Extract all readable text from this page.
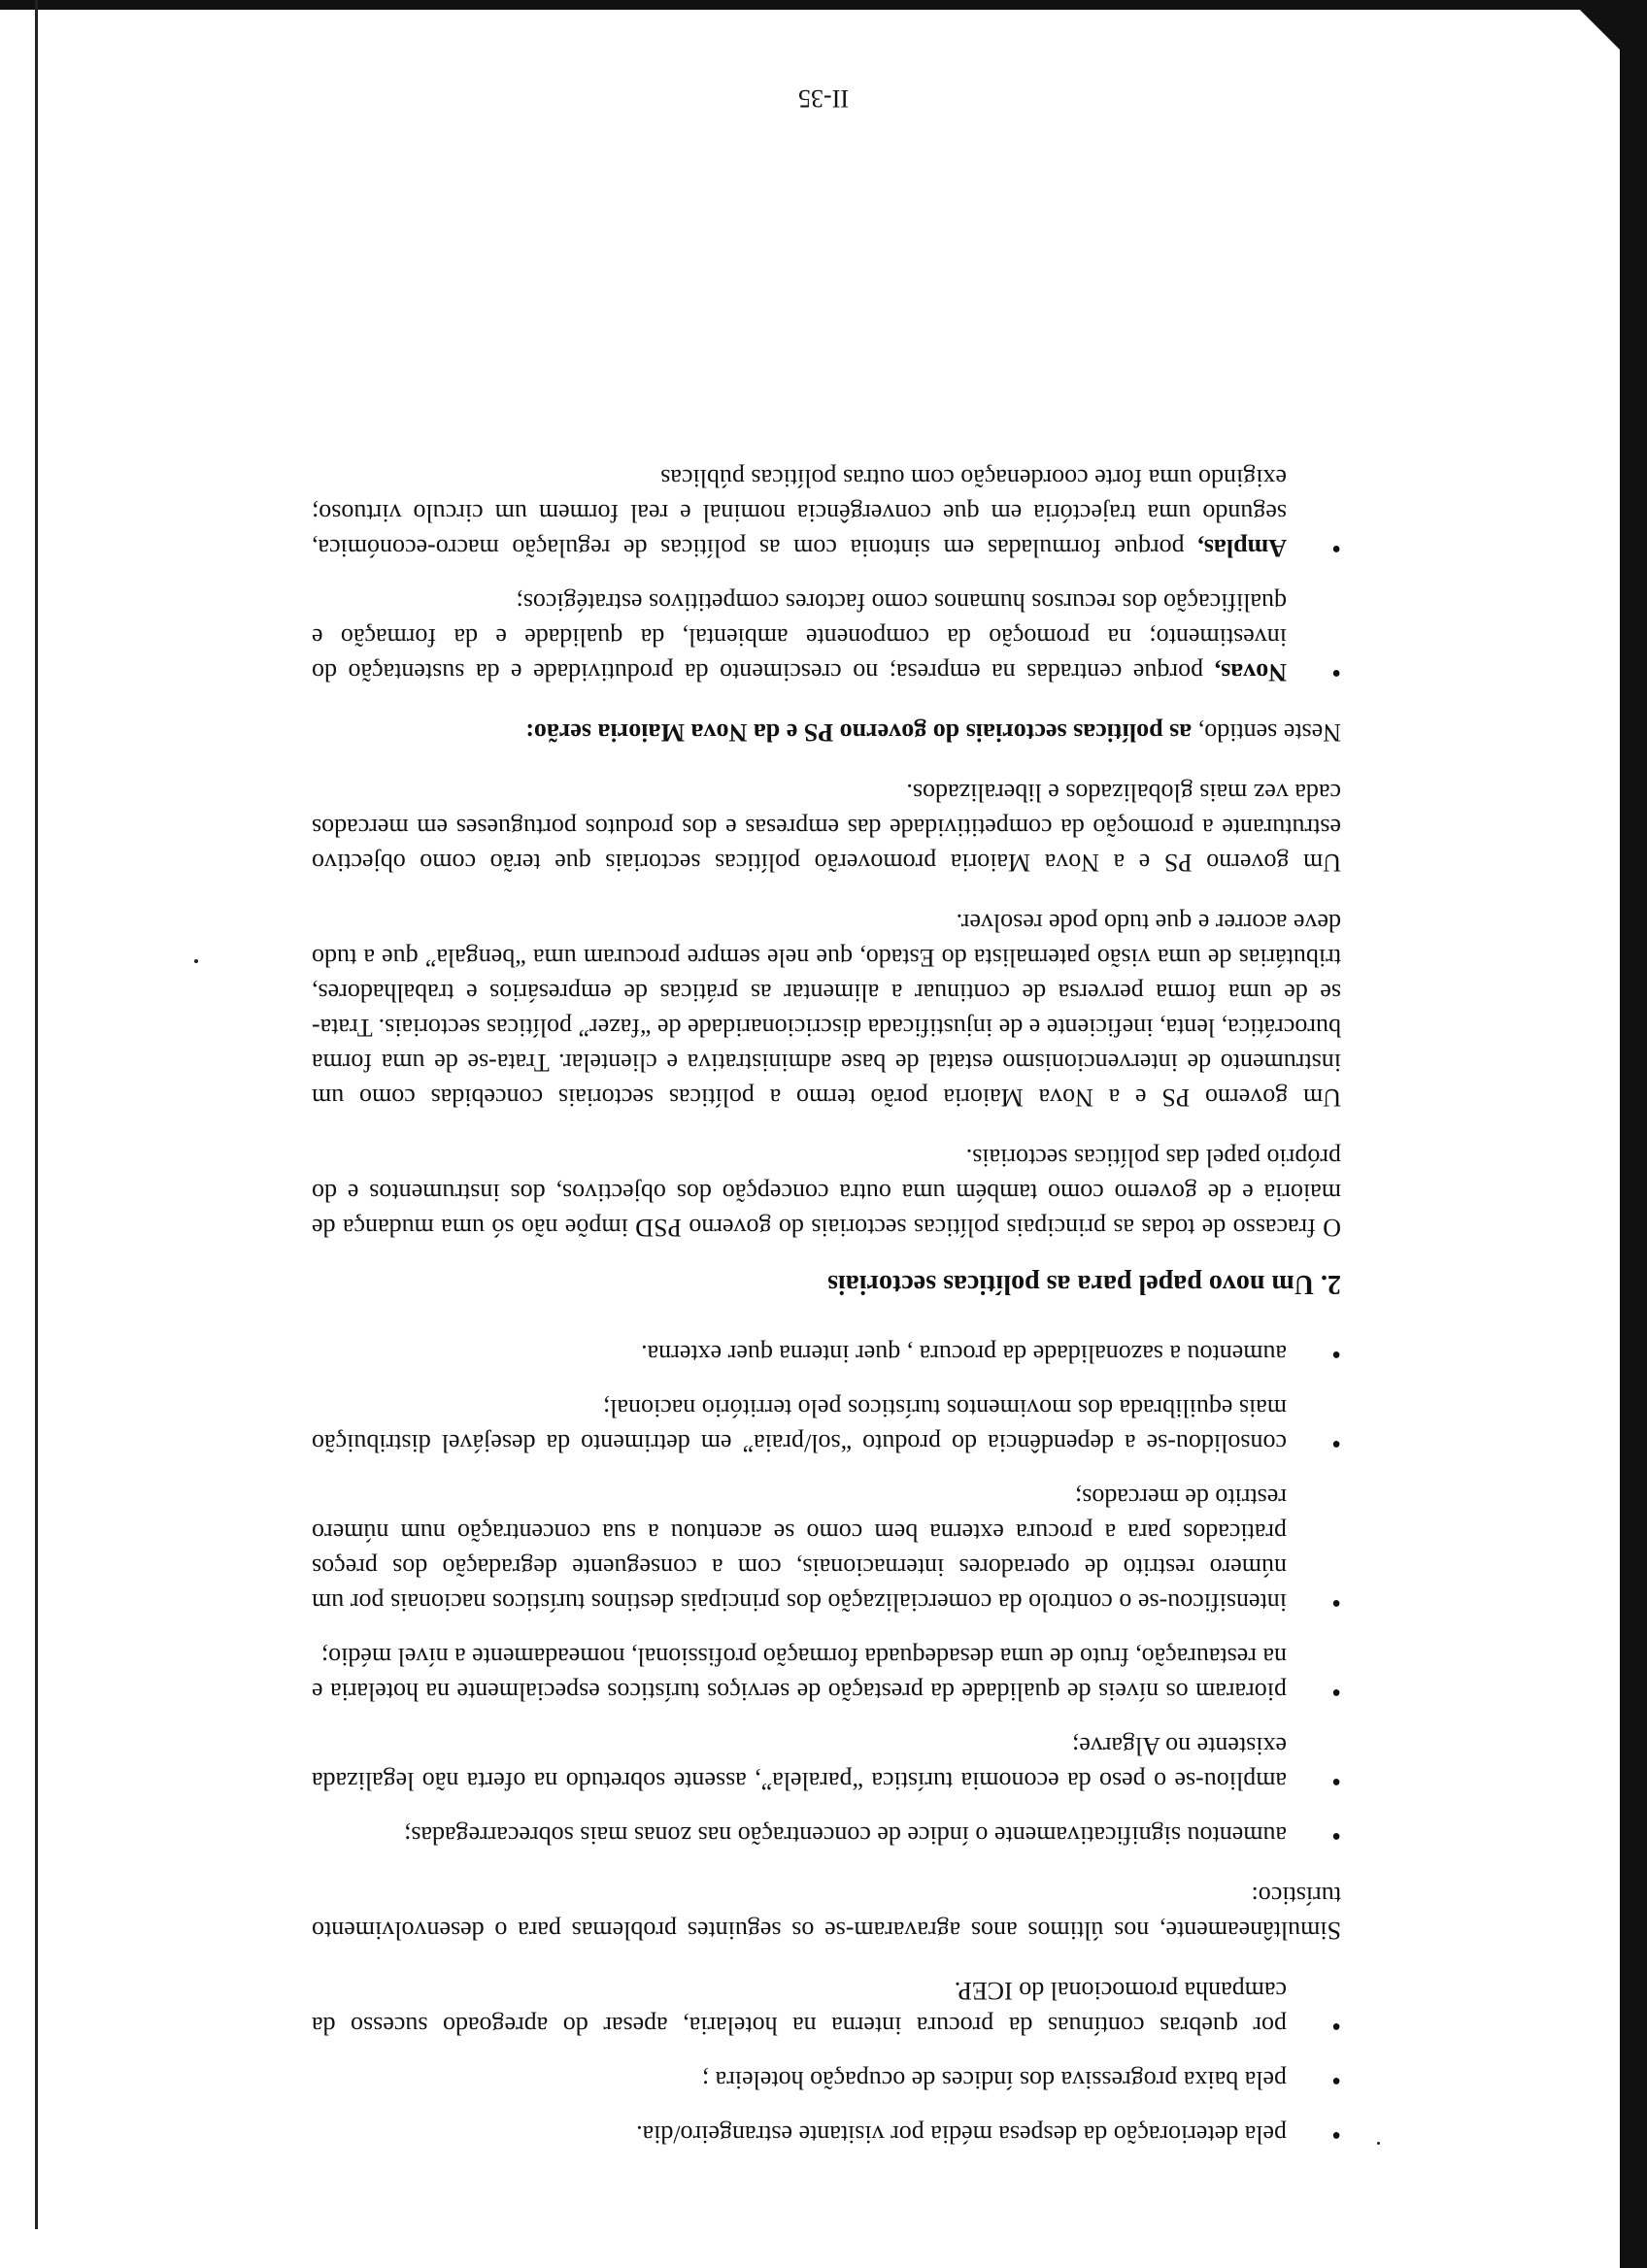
• pela deterioração da despesa média por visitante estrangeiro/dia.
• pela baixa progressiva dos índices de ocupação hoteleira ;
• por quebras contínuas da procura interna na hotelaria, apesar do apregoado sucesso da campanha promocional do ICEP.

Simultâneamente, nos últimos anos agravaram-se os seguintes problemas para o desenvolvimento turístico:

• aumentou significativamente o índice de concentração nas zonas mais sobrecarregadas;
• ampliou-se o peso da economia turística “paralela”, assente sobretudo na oferta não legalizada existente no Algarve;
• pioraram os níveis de qualidade da prestação de serviços turísticos especialmente na hotelaria e na restauração, fruto de uma desadequada formação profissional, nomeadamente a nível médio;
• intensificou-se o controlo da comercialização dos principais destinos turísticos nacionais por um número restrito de operadores internacionais, com a conseguente degradação dos preços praticados para a procura externa bem como se acentuou a sua concentração num número restrito de mercados;
• consolidou-se a dependência do produto “sol/praia” em detrimento da desejável distribuição mais equilibrada dos movimentos turísticos pelo território nacional;
• aumentou a sazonalidade da procura , quer interna quer externa.
2. Um novo papel para as políticas sectoriais

O fracasso de todas as principais políticas sectoriais do governo PSD impõe não só uma mudança de maioria e de governo como também uma outra concepção dos objectivos, dos instrumentos e do próprio papel das políticas sectoriais.

Um governo PS e a Nova Maioria porão termo a políticas sectoriais concebidas como um instrumento de intervencionismo estatal de base administrativa e clientelar. Trata-se de uma forma burocrática, lenta, ineficiente e de injustificada discricionaridade de “fazer” políticas sectoriais. Trata-se de uma forma perversa de continuar a alimentar as práticas de empresários e trabalhadores, tributárias de uma visão paternalista do Estado, que nele sempre procuram uma “bengala” que a tudo deve acorrer e que tudo pode resolver.

Um governo PS e a Nova Maioria promoverão políticas sectoriais que terão como objectivo estruturante a promoção da competitividade das empresas e dos produtos portugueses em mercados cada vez mais globalizados e liberalizados.

Neste sentido, as políticas sectoriais do governo PS e da Nova Maioria serão:

• Novas, porque centradas na empresa; no crescimento da produtividade e da sustentação do investimento; na promoção da componente ambiental, da qualidade e da formação e qualificação dos recursos humanos como factores competitivos estratégicos;
• Amplas, porque formuladas em sintonia com as políticas de regulação macro-económica, segundo uma trajectória em que convergência nominal e real formem um circulo virtuoso; exigindo uma forte coordenação com outras políticas públicas
II-35
